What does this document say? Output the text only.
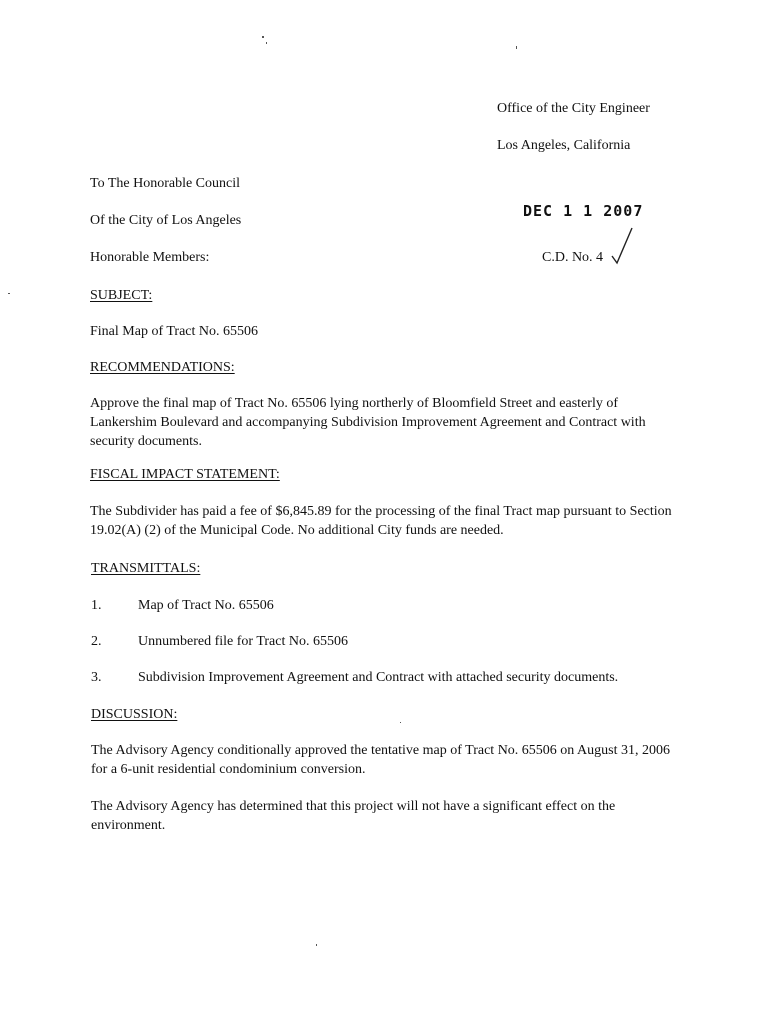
Office of the City Engineer
Los Angeles, California
To The Honorable Council
Of the City of Los Angeles
Honorable Members:
DEC 1 1 2007
C.D. No. 4
SUBJECT:
Final Map of Tract No. 65506
RECOMMENDATIONS:
Approve the final map of Tract No. 65506 lying northerly of Bloomfield Street and easterly of Lankershim Boulevard and accompanying Subdivision Improvement Agreement and Contract with security documents.
FISCAL IMPACT STATEMENT:
The Subdivider has paid a fee of $6,845.89 for the processing of the final Tract map pursuant to Section 19.02(A) (2) of the Municipal Code. No additional City funds are needed.
TRANSMITTALS:
1.	Map of Tract No. 65506
2.	Unnumbered file for Tract No. 65506
3.	Subdivision Improvement Agreement and Contract with attached security documents.
DISCUSSION:
The Advisory Agency conditionally approved the tentative map of Tract No. 65506 on August 31, 2006 for a 6-unit residential condominium conversion.
The Advisory Agency has determined that this project will not have a significant effect on the environment.
